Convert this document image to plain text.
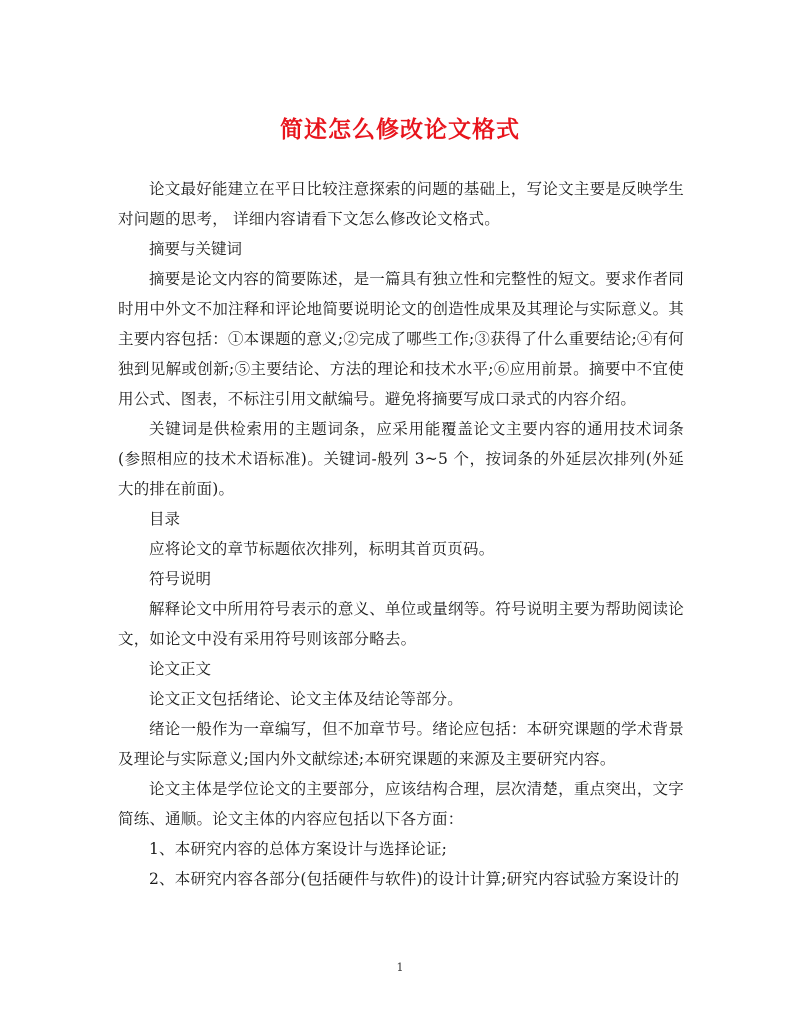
简述怎么修改论文格式

论文最好能建立在平日比较注意探索的问题的基础上，写论文主要是反映学生对问题的思考， 详细内容请看下文怎么修改论文格式。

摘要与关键词

摘要是论文内容的简要陈述，是一篇具有独立性和完整性的短文。要求作者同时用中外文不加注释和评论地简要说明论文的创造性成果及其理论与实际意义。其主要内容包括：①本课题的意义;②完成了哪些工作;③获得了什么重要结论;④有何独到见解或创新;⑤主要结论、方法的理论和技术水平;⑥应用前景。摘要中不宜使用公式、图表，不标注引用文献编号。避免将摘要写成口录式的内容介绍。

关键词是供检索用的主题词条，应采用能覆盖论文主要内容的通用技术词条(参照相应的技术术语标准)。关键词-般列 3~5 个，按词条的外延层次排列(外延大的排在前面)。

目录

应将论文的章节标题依次排列，标明其首页页码。

符号说明

解释论文中所用符号表示的意义、单位或量纲等。符号说明主要为帮助阅读论文，如论文中没有采用符号则该部分略去。

论文正文

论文正文包括绪论、论文主体及结论等部分。

绪论一般作为一章编写，但不加章节号。绪论应包括：本研究课题的学术背景及理论与实际意义;国内外文献综述;本研究课题的来源及主要研究内容。

论文主体是学位论文的主要部分，应该结构合理，层次清楚，重点突出，文字简练、通顺。论文主体的内容应包括以下各方面：

1、本研究内容的总体方案设计与选择论证;

2、本研究内容各部分(包括硬件与软件)的设计计算;研究内容试验方案设计的

1
